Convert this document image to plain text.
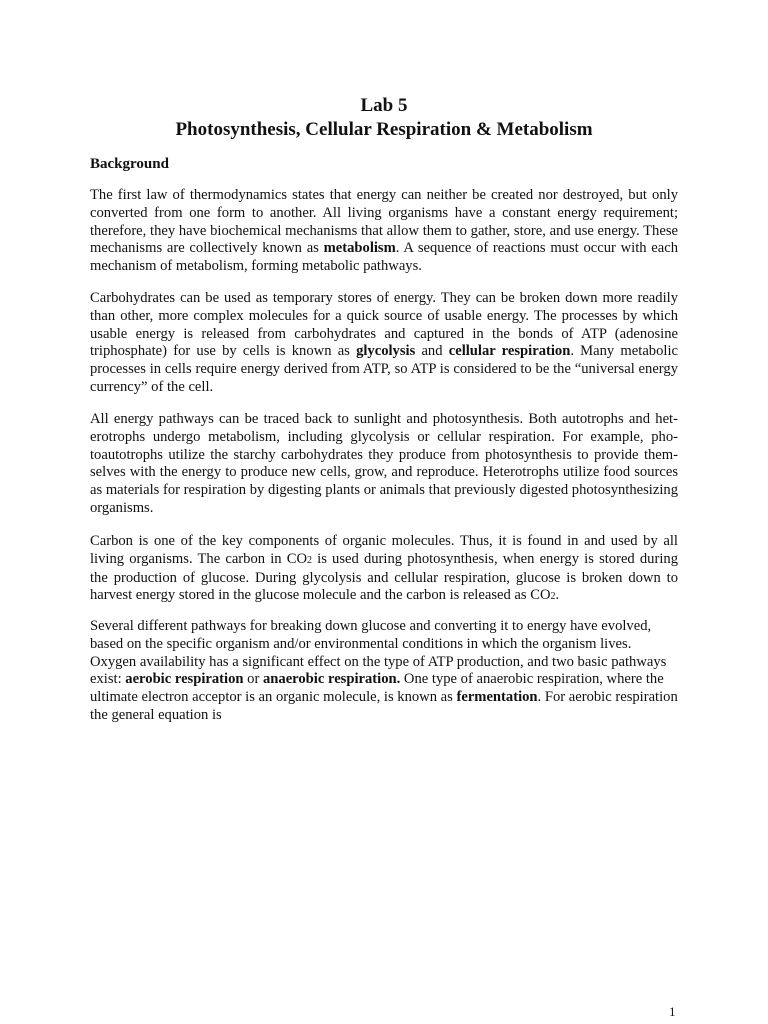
Lab 5
Photosynthesis, Cellular Respiration & Metabolism
Background

The first law of thermodynamics states that energy can neither be created nor destroyed, but only converted from one form to another. All living organisms have a constant energy requirement; therefore, they have biochemical mechanisms that allow them to gather, store, and use energy. These mechanisms are collectively known as metabolism. A sequence of reactions must occur with each mechanism of metabolism, forming metabolic pathways.

Carbohydrates can be used as temporary stores of energy. They can be broken down more readily than other, more complex molecules for a quick source of usable energy. The processes by which usable energy is released from carbohydrates and captured in the bonds of ATP (adenosine triphosphate) for use by cells is known as glycolysis and cellular respiration. Many metabolic processes in cells require energy derived from ATP, so ATP is considered to be the “universal energy currency” of the cell.

All energy pathways can be traced back to sunlight and photosynthesis. Both autotrophs and heterotrophs undergo metabolism, including glycolysis or cellular respiration. For example, photoautotrophs utilize the starchy carbohydrates they produce from photosynthesis to provide themselves with the energy to produce new cells, grow, and reproduce. Heterotrophs utilize food sources as materials for respiration by digesting plants or animals that previously digested photosynthesizing organisms.

Carbon is one of the key components of organic molecules. Thus, it is found in and used by all living organisms. The carbon in CO2 is used during photosynthesis, when energy is stored during the production of glucose. During glycolysis and cellular respiration, glucose is broken down to harvest energy stored in the glucose molecule and the carbon is released as CO2.

Several different pathways for breaking down glucose and converting it to energy have evolved, based on the specific organism and/or environmental conditions in which the organism lives. Oxygen availability has a significant effect on the type of ATP production, and two basic pathways exist: aerobic respiration or anaerobic respiration. One type of anaerobic respiration, where the ultimate electron acceptor is an organic molecule, is known as fermentation. For aerobic respiration the general equation is

1
